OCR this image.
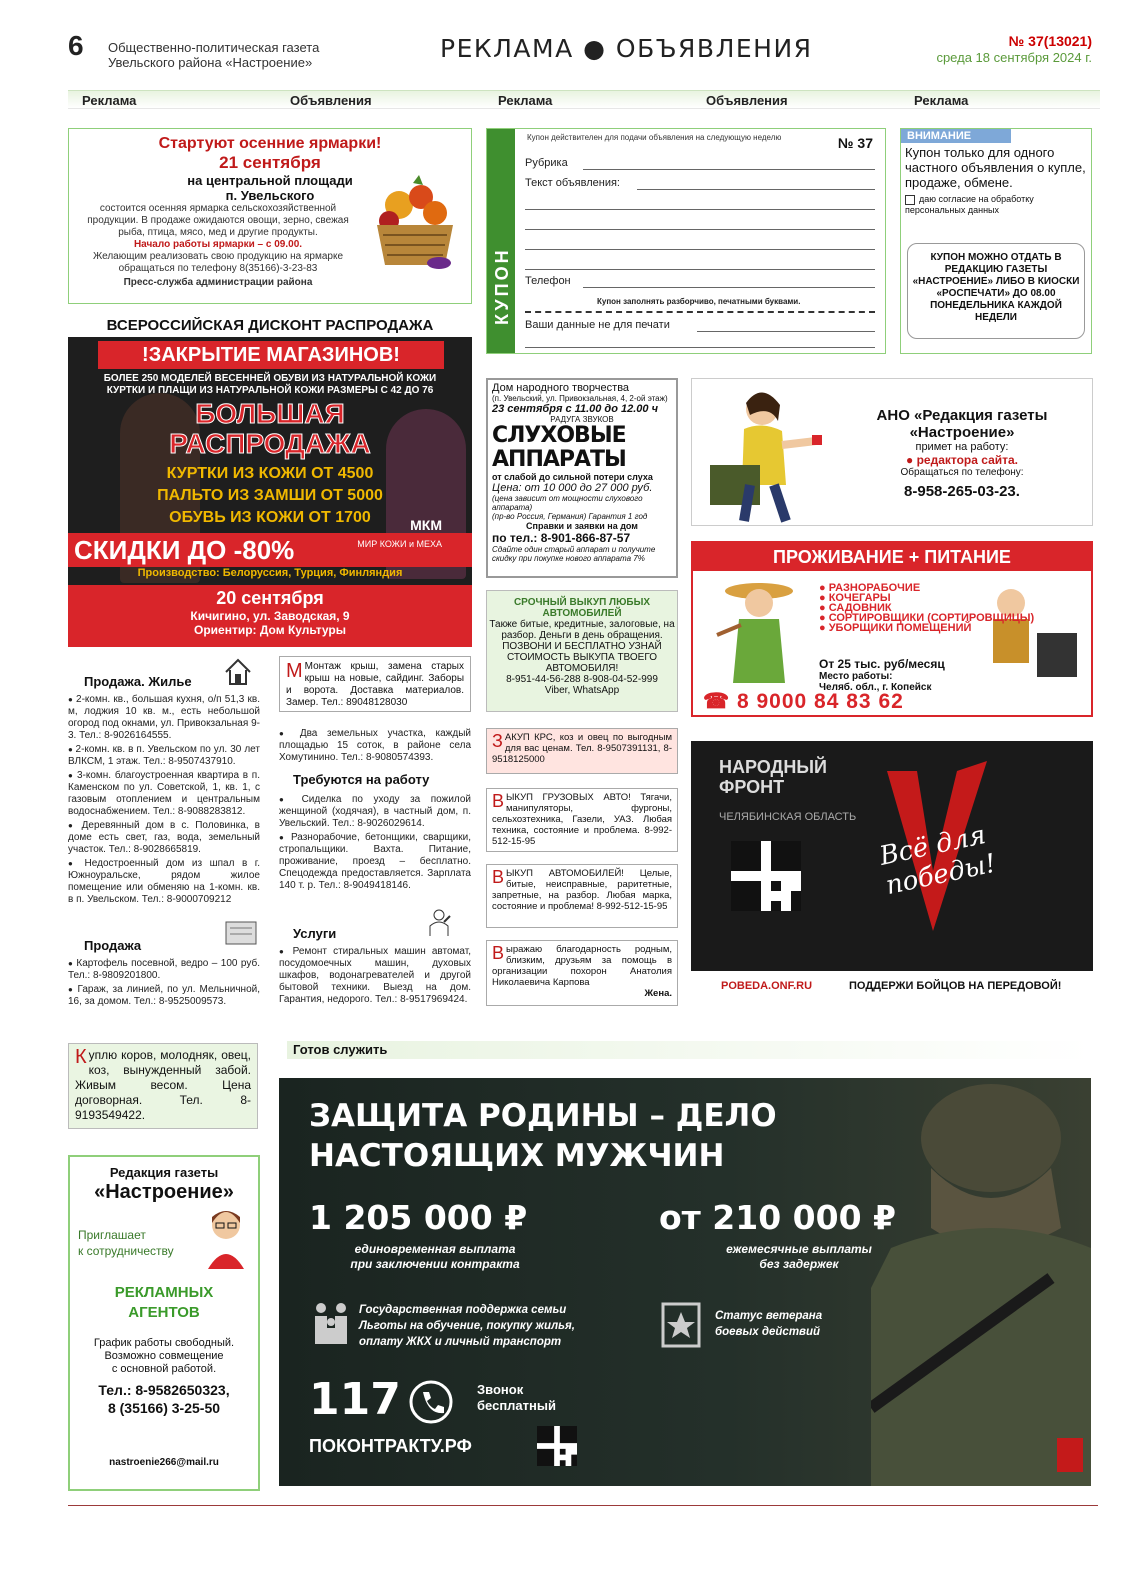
6 Общественно-политическая газета
Увельского района «Настроение»	РЕКЛАМА ● ОБЪЯВЛЕНИЯ	№ 37(13021)
среда 18 сентября 2024 г.
Реклама	Объявления	Реклама	Объявления	Реклама
Стартуют осенние ярмарки!
21 сентября
на центральной площади
п. Увельского
состоится осенняя ярмарка сельскохозяйственной продукции. В продаже ожидаются овощи, зерно, свежая рыба, птица, мясо, мед и другие продукты.
Начало работы ярмарки – с 09.00.
Желающим реализовать свою продукцию на ярмарке обращаться по телефону 8(35166)-3-23-83
Пресс-служба администрации района
ВСЕРОССИЙСКАЯ ДИСКОНТ РАСПРОДАЖА
!ЗАКРЫТИЕ МАГАЗИНОВ!
БОЛЕЕ 250 МОДЕЛЕЙ ВЕСЕННЕЙ ОБУВИ ИЗ НАТУРАЛЬНОЙ КОЖИ
КУРТКИ И ПЛАЩИ ИЗ НАТУРАЛЬНОЙ КОЖИ РАЗМЕРЫ С 42 ДО 76
БОЛЬШАЯ
РАСПРОДАЖА
КУРТКИ ИЗ КОЖИ ОТ 4500
ПАЛЬТО ИЗ ЗАМШИ ОТ 5000
ОБУВЬ ИЗ КОЖИ ОТ 1700
СКИДКИ ДО -80%
МКМ
МИР КОЖИ и МЕХА
Производство: Белоруссия, Турция, Финляндия
20 сентября
Кичигино, ул. Заводская, 9
Ориентир: Дом Культуры
Продажа. Жилье
● 2-комн. кв., большая кухня, о/п 51,3 кв. м, лоджия 10 кв. м., есть небольшой огород под окнами, ул. Привокзальная 9-3. Тел.: 8-9026164555.
● 2-комн. кв. в п. Увельском по ул. 30 лет ВЛКСМ, 1 этаж. Тел.: 8-9507437910.
● 3-комн. благоустроенная квартира в п. Каменском по ул. Советской, 1, кв. 1, с газовым отоплением и центральным водоснабжением. Тел.: 8-9088283812.
● Деревянный дом в с. Половинка, в доме есть свет, газ, вода, земельный участок. Тел.: 8-9028665819.
● Недостроенный дом из шпал в г. Южноуральске, рядом жилое помещение или обменяю на 1-комн. кв. в п. Увельском. Тел.: 8-9000709212
Продажа
● Картофель посевной, ведро – 100 руб. Тел.: 8-9809201800.
● Гараж, за линией, по ул. Мельничной, 16, за домом. Тел.: 8-9525009573.
М Монтаж крыш, замена старых крыш на новые, сайдинг. Заборы и ворота. Доставка материалов. Замер. Тел.: 89048128030
● Два земельных участка, каждый площадью 15 соток, в районе села Хомутинино. Тел.: 8-9080574393.
Требуются на работу
● Сиделка по уходу за пожилой женщиной (ходячая), в частный дом, п. Увельский. Тел.: 8-9026029614.
● Разнорабочие, бетонщики, сварщики, стропальщики. Вахта. Питание, проживание, проезд – бесплатно. Спецодежда предоставляется. Зарплата 140 т. р. Тел.: 8-9049418146.
Услуги
● Ремонт стиральных машин автомат, посудомоечных машин, духовых шкафов, водонагревателей и другой бытовой техники. Выезд на дом. Гарантия, недорого. Тел.: 8-9517969424.
КУПОН
Купон действителен для подачи объявления на следующую неделю	№ 37
Рубрика
Текст объявления:
Телефон
Купон заполнять разборчиво, печатными буквами.
Ваши данные не для печати
ВНИМАНИЕ
Купон только для одного частного объявления о купле, продаже, обмене.
даю согласие на обработку персональных данных
КУПОН МОЖНО ОТДАТЬ В РЕДАКЦИЮ ГАЗЕТЫ «НАСТРОЕНИЕ» ЛИБО В КИОСКИ «РОСПЕЧАТИ» ДО 08.00 ПОНЕДЕЛЬНИКА КАЖДОЙ НЕДЕЛИ
Дом народного творчества
(п. Увельский, ул. Привокзальная, 4, 2-ой этаж)
23 сентября с 11.00 до 12.00 ч
РАДУГА ЗВУКОВ
СЛУХОВЫЕ АППАРАТЫ
от слабой до сильной потери слуха
Цена: от 10 000 до 27 000 руб.
(цена зависит от мощности слухового аппарата)
(пр-во Россия, Германия) Гарантия 1 год
Справки и заявки на дом
по тел.: 8-901-866-87-57
Сдайте один старый аппарат и получите скидку при покупке нового аппарата 7%
СРОЧНЫЙ ВЫКУП ЛЮБЫХ АВТОМОБИЛЕЙ
Также битые, кредитные, залоговые, на разбор. Деньги в день обращения. ПОЗВОНИ И БЕСПЛАТНО УЗНАЙ СТОИМОСТЬ ВЫКУПА ТВОЕГО АВТОМОБИЛЯ!
8-951-44-56-288 8-908-04-52-999
Viber, WhatsApp
ЗАКУП КРС, коз и овец по выгодным для вас ценам. Тел. 8-9507391131, 8-9518125000
ВЫКУП ГРУЗОВЫХ АВТО! Тягачи, манипуляторы, фургоны, сельхозтехника, Газели, УАЗ. Любая техника, состояние и проблема. 8-992-512-15-95
ВЫКУП АВТОМОБИЛЕЙ! Целые, битые, неисправные, раритетные, запретные, на разбор. Любая марка, состояние и проблема! 8-992-512-15-95
Выражаю благодарность родным, близким, друзьям за помощь в организации похорон Анатолия Николаевича Карпова
Жена.
АНО «Редакция газеты «Настроение»
примет на работу:
● редактора сайта.
Обращаться по телефону:
8-958-265-03-23.
ПРОЖИВАНИЕ + ПИТАНИЕ
● РАЗНОРАБОЧИЕ
● КОЧЕГАРЫ
● САДОВНИК
● СОРТИРОВЩИКИ (СОРТИРОВЩИЦЫ)
● УБОРЩИКИ ПОМЕЩЕНИЙ
От 25 тыс. руб/месяц
Место работы:
Челяб. обл., г. Копейск
☎ 8 9000 84 83 62
НАРОДНЫЙ
ФРОНТ
ЧЕЛЯБИНСКАЯ ОБЛАСТЬ
Всё для победы!
POBEDA.ONF.RU	ПОДДЕРЖИ БОЙЦОВ НА ПЕРЕДОВОЙ!
Куплю коров, молодняк, овец, коз, вынужденный забой. Живым весом. Цена договорная. Тел. 8-9193549422.
Редакция газеты
«Настроение»
Приглашает
к сотрудничеству
РЕКЛАМНЫХ
АГЕНТОВ
График работы свободный.
Возможно совмещение
с основной работой.
Тел.: 8-9582650323,
8 (35166) 3-25-50
nastroenie266@mail.ru
Готов служить
ЗАЩИТА РОДИНЫ – ДЕЛО
НАСТОЯЩИХ МУЖЧИН
1 205 000 ₽
единовременная выплата
при заключении контракта
от 210 000 ₽
ежемесячные выплаты
без задержек
Государственная поддержка семьи
Льготы на обучение, покупку жилья,
оплату ЖКХ и личный транспорт
Статус ветерана
боевых действий
117	Звонок
бесплатный
ПОКОНТРАКТУ.РФ
